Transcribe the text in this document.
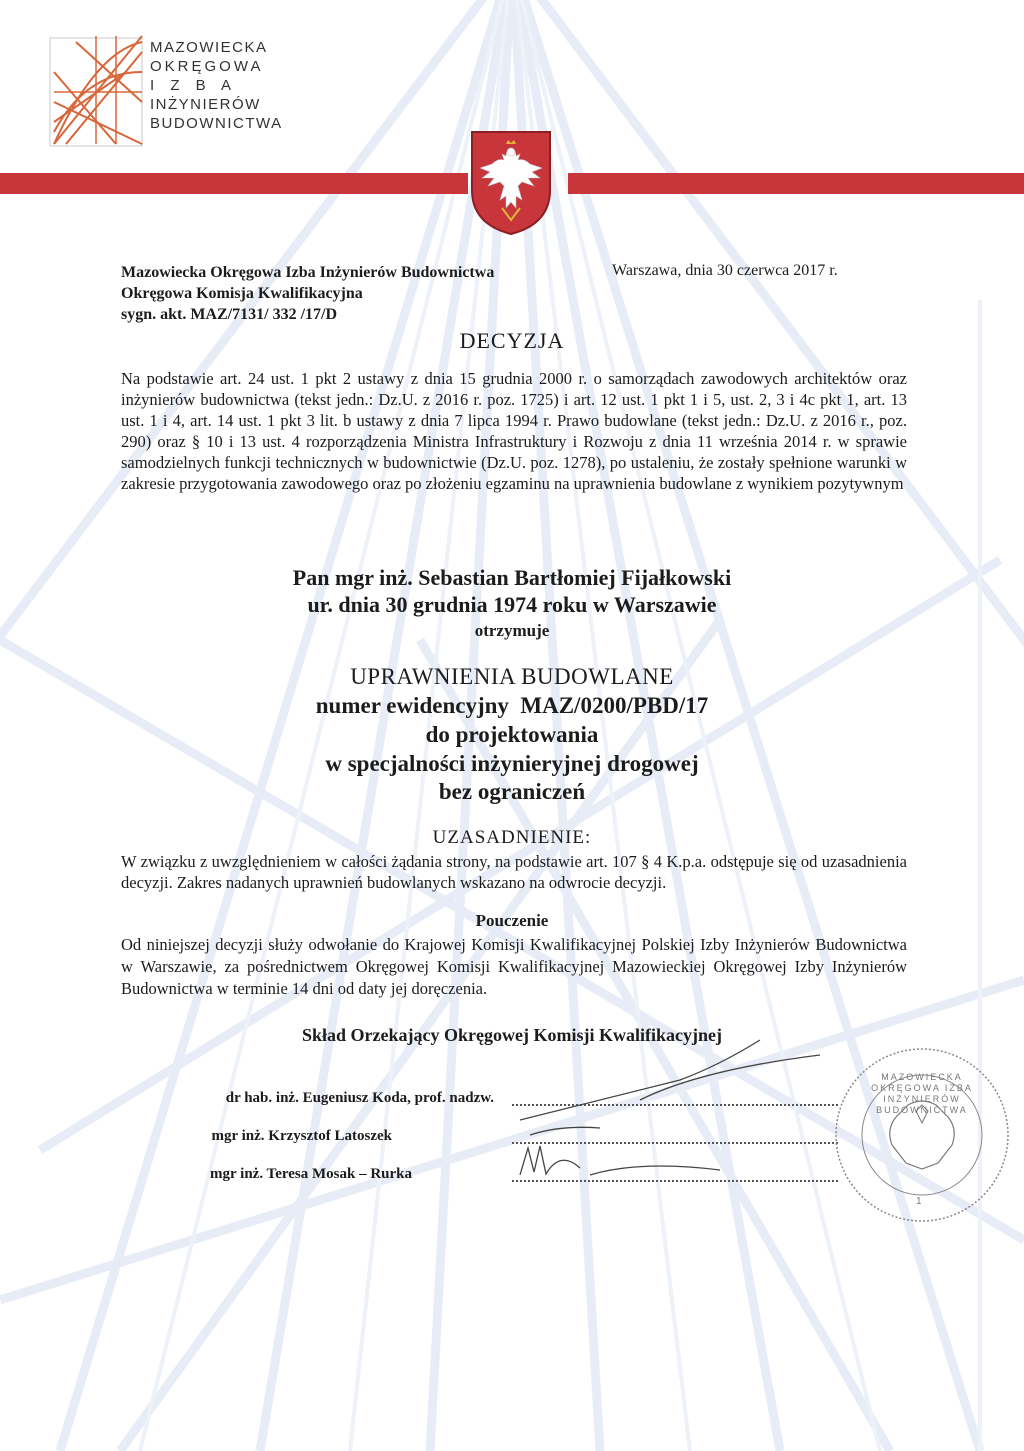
MAZOWIECKA
OKRĘGOWA
I Z B A
INŻYNIERÓW
BUDOWNICTWA
Mazowiecka Okręgowa Izba Inżynierów Budownictwa
Okręgowa Komisja Kwalifikacyjna
sygn. akt. MAZ/7131/ 332 /17/D
Warszawa, dnia 30 czerwca 2017 r.
DECYZJA
Na podstawie art. 24 ust. 1 pkt 2 ustawy z dnia 15 grudnia 2000 r. o samorządach zawodowych architektów oraz inżynierów budownictwa (tekst jedn.: Dz.U. z 2016 r. poz. 1725) i art. 12 ust. 1 pkt 1 i 5, ust. 2, 3 i 4c pkt 1, art. 13 ust. 1 i 4, art. 14 ust. 1 pkt 3 lit. b ustawy z dnia 7 lipca 1994 r. Prawo budowlane (tekst jedn.: Dz.U. z 2016 r., poz. 290) oraz § 10 i 13 ust. 4 rozporządzenia Ministra Infrastruktury i Rozwoju z dnia 11 września 2014 r. w sprawie samodzielnych funkcji technicznych w budownictwie (Dz.U. poz. 1278), po ustaleniu, że zostały spełnione warunki w zakresie przygotowania zawodowego oraz po złożeniu egzaminu na uprawnienia budowlane z wynikiem pozytywnym
Pan mgr inż. Sebastian Bartłomiej Fijałkowski
ur. dnia 30 grudnia 1974 roku w Warszawie
otrzymuje
UPRAWNIENIA BUDOWLANE
numer ewidencyjny  MAZ/0200/PBD/17
do projektowania
w specjalności inżynieryjnej drogowej
bez ograniczeń
UZASADNIENIE:
W związku z uwzględnieniem w całości żądania strony, na podstawie art. 107 § 4 K.p.a. odstępuje się od uzasadnienia decyzji. Zakres nadanych uprawnień budowlanych wskazano na odwrocie decyzji.
Pouczenie
Od niniejszej decyzji służy odwołanie do Krajowej Komisji Kwalifikacyjnej Polskiej Izby Inżynierów Budownictwa w Warszawie, za pośrednictwem Okręgowej Komisji Kwalifikacyjnej Mazowieckiej Okręgowej Izby Inżynierów Budownictwa w terminie 14 dni od daty jej doręczenia.
Skład Orzekający Okręgowej Komisji Kwalifikacyjnej
dr hab. inż. Eugeniusz Koda, prof. nadzw.
mgr inż. Krzysztof Latoszek
mgr inż. Teresa Mosak – Rurka
MAZOWIECKA OKRĘGOWA IZBA INŻYNIERÓW BUDOWNICTWA
1
